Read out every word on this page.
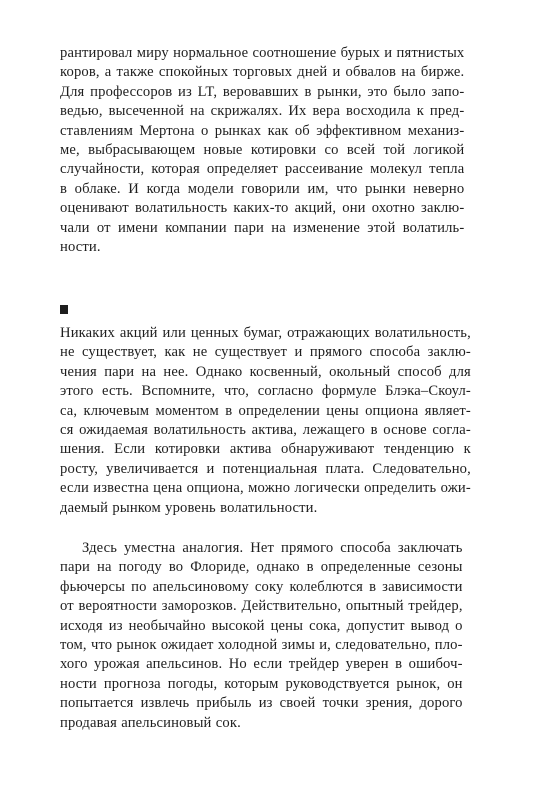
рантировал миру нормальное соотношение бурых и пятнистых
коров, а также спокойных торговых дней и обвалов на бирже.
Для профессоров из LT, веровавших в рынки, это было запо-
ведью, высеченной на скрижалях. Их вера восходила к пред-
ставлениям Мертона о рынках как об эффективном механиз-
ме, выбрасывающем новые котировки со всей той логикой
случайности, которая определяет рассеивание молекул тепла
в облаке. И когда модели говорили им, что рынки неверно
оценивают волатильность каких-то акций, они охотно заклю-
чали от имени компании пари на изменение этой волатиль-
ности.
Никаких акций или ценных бумаг, отражающих волатильность,
не существует, как не существует и прямого способа заклю-
чения пари на нее. Однако косвенный, окольный способ для
этого есть. Вспомните, что, согласно формуле Блэка–Скоул-
са, ключевым моментом в определении цены опциона являет-
ся ожидаемая волатильность актива, лежащего в основе согла-
шения. Если котировки актива обнаруживают тенденцию к
росту, увеличивается и потенциальная плата. Следовательно,
если известна цена опциона, можно логически определить ожи-
даемый рынком уровень волатильности.
Здесь уместна аналогия. Нет прямого способа заключать
пари на погоду во Флориде, однако в определенные сезоны
фьючерсы по апельсиновому соку колеблются в зависимости
от вероятности заморозков. Действительно, опытный трейдер,
исходя из необычайно высокой цены сока, допустит вывод о
том, что рынок ожидает холодной зимы и, следовательно, пло-
хого урожая апельсинов. Но если трейдер уверен в ошибоч-
ности прогноза погоды, которым руководствуется рынок, он
попытается извлечь прибыль из своей точки зрения, дорого
продавая апельсиновый сок.
